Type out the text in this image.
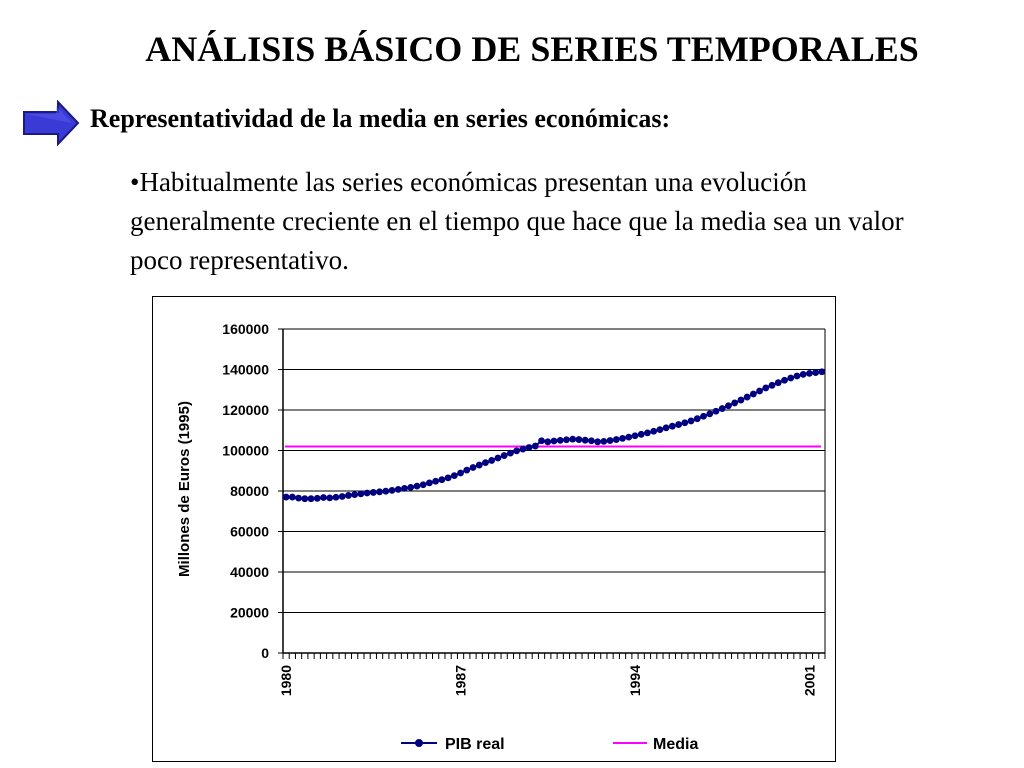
ANÁLISIS BÁSICO DE SERIES TEMPORALES
Representatividad de la media en series económicas:
•Habitualmente las series económicas presentan una evolución generalmente creciente en el tiempo que hace que la media sea un valor poco representativo.
0
20000
40000
60000
80000
100000
120000
140000
160000
1980	1987	1994	2001
Millones de Euros (1995)
PIB real	Media
